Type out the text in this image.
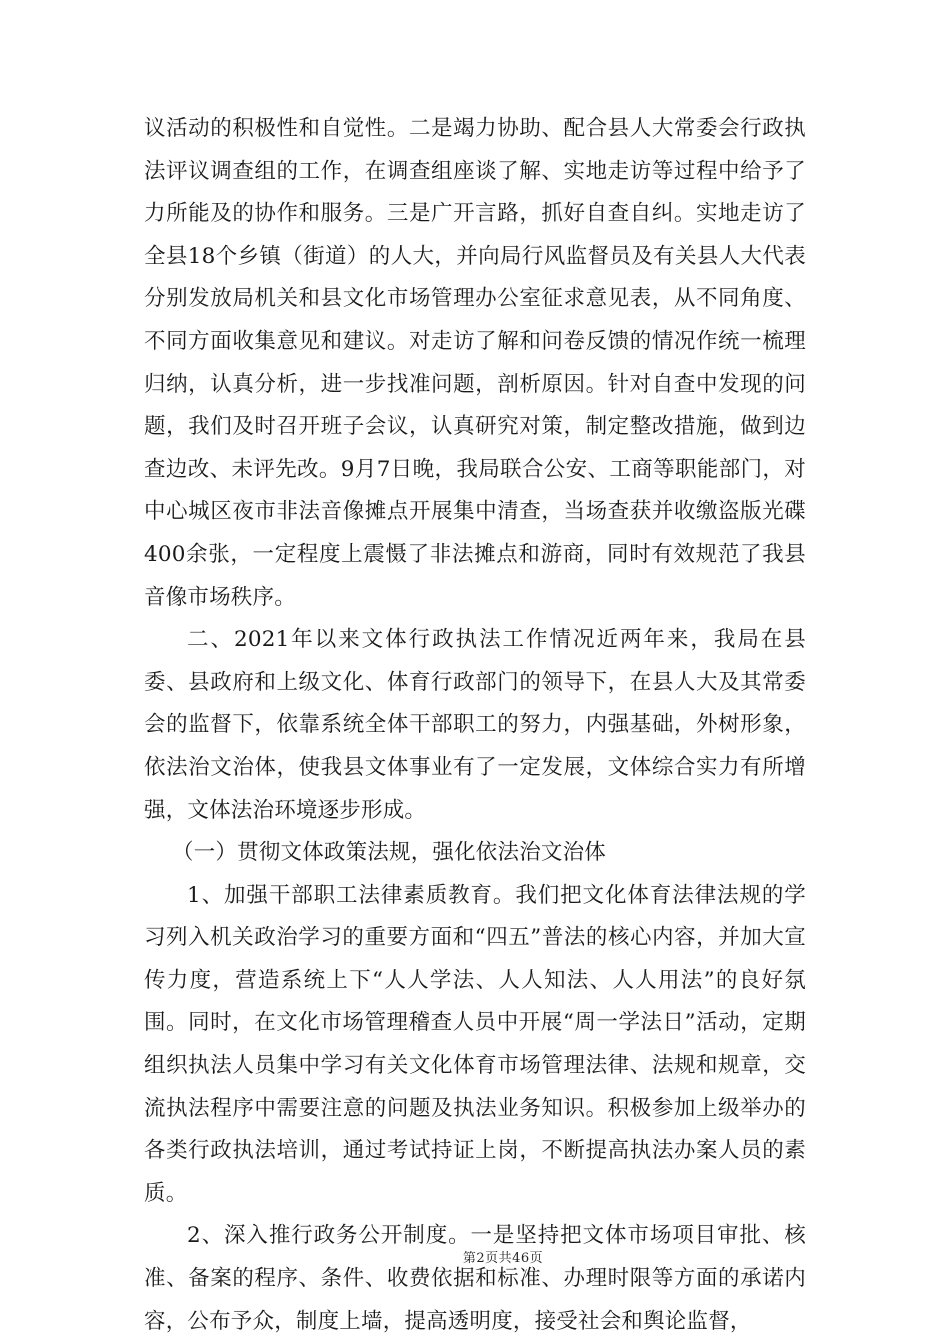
议活动的积极性和自觉性。二是竭力协助、配合县人大常委会行政执法评议调查组的工作，在调查组座谈了解、实地走访等过程中给予了力所能及的协作和服务。三是广开言路，抓好自查自纠。实地走访了全县18个乡镇（街道）的人大，并向局行风监督员及有关县人大代表分别发放局机关和县文化市场管理办公室征求意见表，从不同角度、不同方面收集意见和建议。对走访了解和问卷反馈的情况作统一梳理归纳，认真分析，进一步找准问题，剖析原因。针对自查中发现的问题，我们及时召开班子会议，认真研究对策，制定整改措施，做到边查边改、未评先改。9月7日晚，我局联合公安、工商等职能部门，对中心城区夜市非法音像摊点开展集中清查，当场查获并收缴盗版光碟400余张，一定程度上震慑了非法摊点和游商，同时有效规范了我县音像市场秩序。

二、2021年以来文体行政执法工作情况近两年来，我局在县委、县政府和上级文化、体育行政部门的领导下，在县人大及其常委会的监督下，依靠系统全体干部职工的努力，内强基础，外树形象，依法治文治体，使我县文体事业有了一定发展，文体综合实力有所增强，文体法治环境逐步形成。

（一）贯彻文体政策法规，强化依法治文治体

1、加强干部职工法律素质教育。我们把文化体育法律法规的学习列入机关政治学习的重要方面和“四五”普法的核心内容，并加大宣传力度，营造系统上下“人人学法、人人知法、人人用法”的良好氛围。同时，在文化市场管理稽查人员中开展“周一学法日”活动，定期组织执法人员集中学习有关文化体育市场管理法律、法规和规章，交流执法程序中需要注意的问题及执法业务知识。积极参加上级举办的各类行政执法培训，通过考试持证上岗，不断提高执法办案人员的素质。

2、深入推行政务公开制度。一是坚持把文体市场项目审批、核准、备案的程序、条件、收费依据和标准、办理时限等方面的承诺内容，公布予众，制度上墙，提高透明度，接受社会和舆论监督，

第2页共46页
